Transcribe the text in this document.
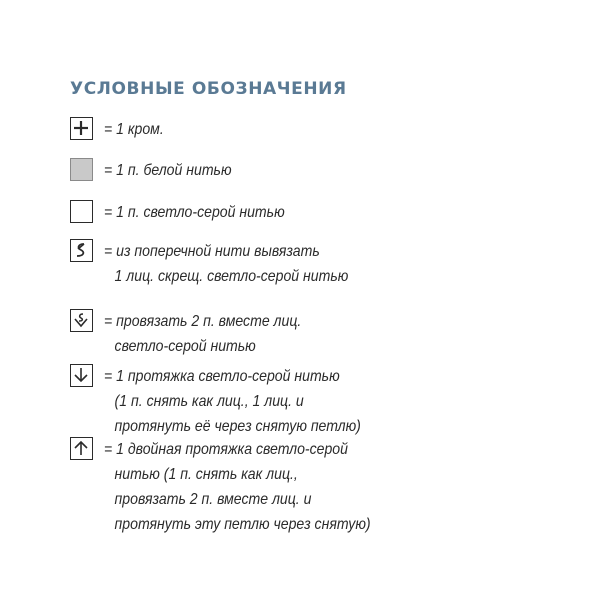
УСЛОВНЫЕ ОБОЗНАЧЕНИЯ
= 1 кром.
= 1 п. белой нитью
= 1 п. светло-серой нитью
= из поперечной нити вывязать
1 лиц. скрещ. светло-серой нитью
= провязать 2 п. вместе лиц.
светло-серой нитью
= 1 протяжка светло-серой нитью
(1 п. снять как лиц., 1 лиц. и
протянуть её через снятую петлю)
= 1 двойная протяжка светло-серой
нитью (1 п. снять как лиц.,
провязать 2 п. вместе лиц. и
протянуть эту петлю через снятую)
